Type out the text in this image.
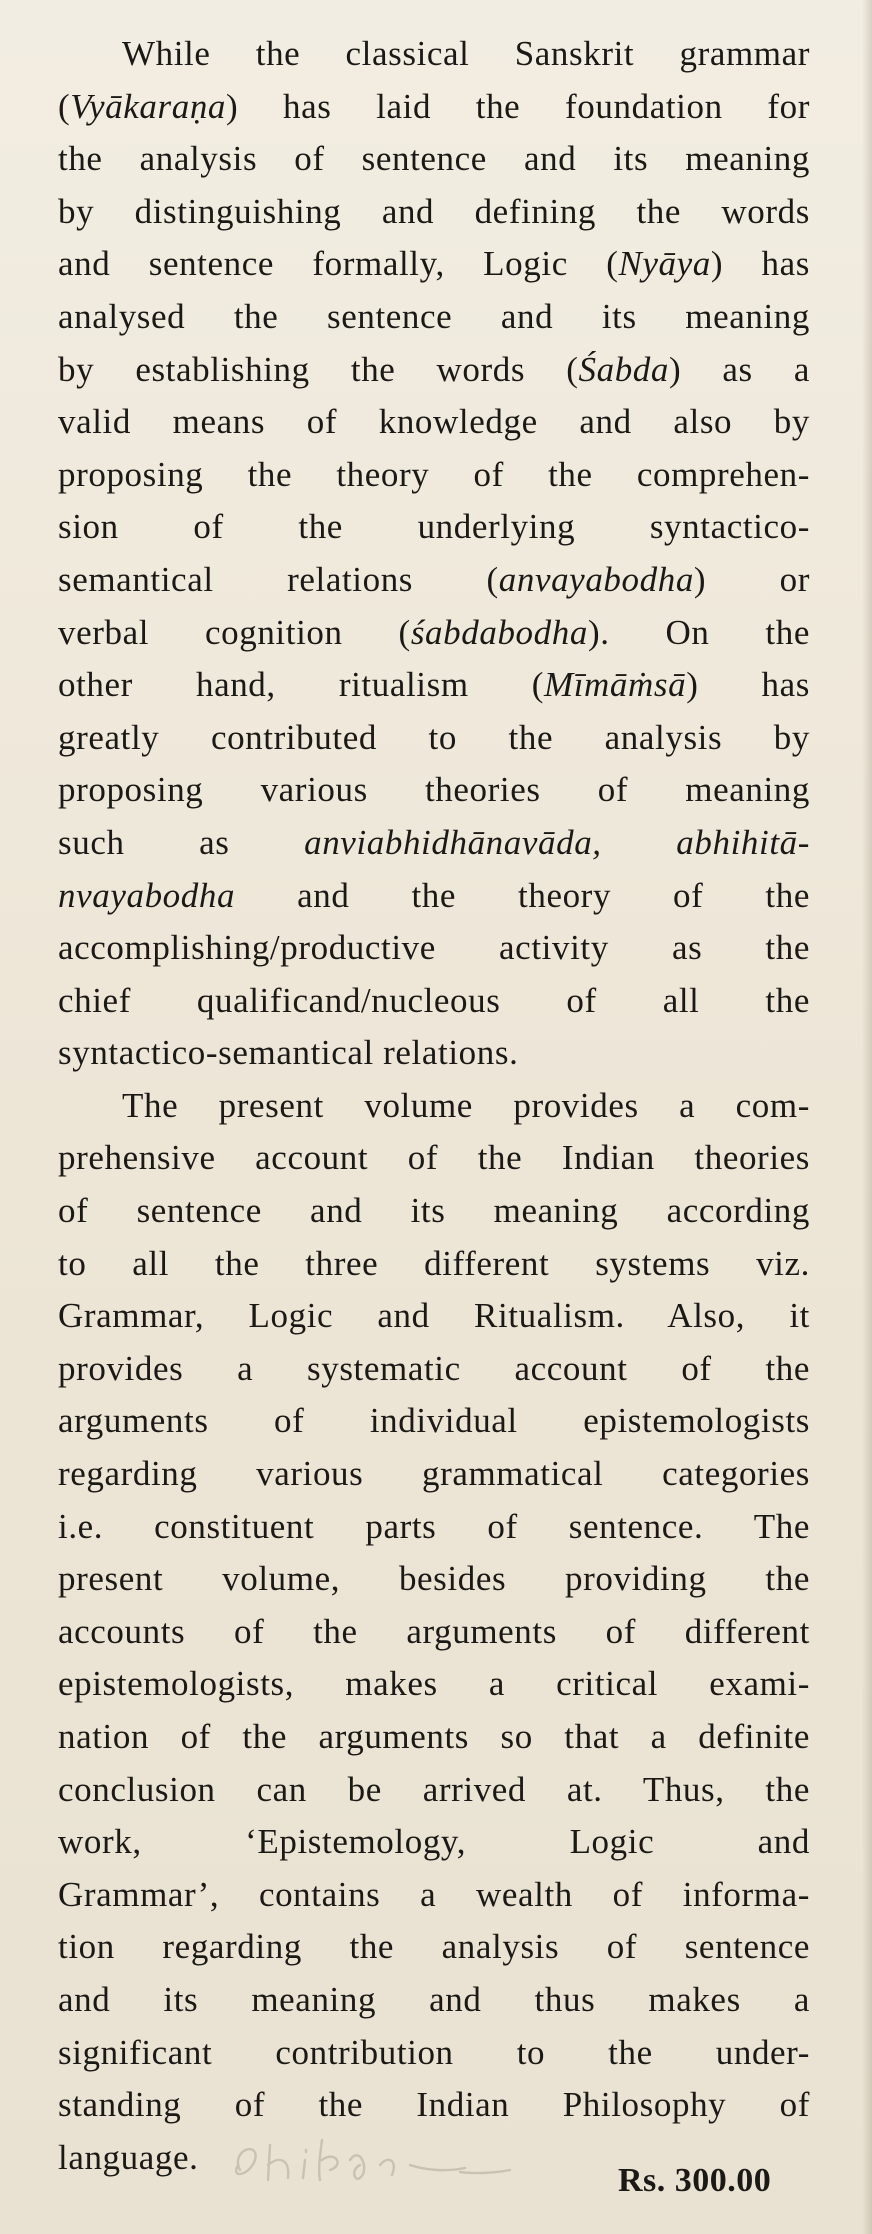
While the classical Sanskrit grammar
(Vyākaraṇa) has laid the foundation for
the analysis of sentence and its meaning
by distinguishing and defining the words
and sentence formally, Logic (Nyāya) has
analysed the sentence and its meaning
by establishing the words (Śabda) as a
valid means of knowledge and also by
proposing the theory of the comprehen-
sion of the underlying syntactico-
semantical relations (anvayabodha) or
verbal cognition (śabdabodha). On the
other hand, ritualism (Mīmāṁsā) has
greatly contributed to the analysis by
proposing various theories of meaning
such as anviabhidhānavāda, abhihitā-
nvayabodha and the theory of the
accomplishing/productive activity as the
chief qualificand/nucleous of all the
syntactico-semantical relations.
The present volume provides a com-
prehensive account of the Indian theories
of sentence and its meaning according
to all the three different systems viz.
Grammar, Logic and Ritualism. Also, it
provides a systematic account of the
arguments of individual epistemologists
regarding various grammatical categories
i.e. constituent parts of sentence. The
present volume, besides providing the
accounts of the arguments of different
epistemologists, makes a critical exami-
nation of the arguments so that a definite
conclusion can be arrived at. Thus, the
work, ‘Epistemology, Logic and
Grammar’, contains a wealth of informa-
tion regarding the analysis of sentence
and its meaning and thus makes a
significant contribution to the under-
standing of the Indian Philosophy of
language.
Rs. 300.00
